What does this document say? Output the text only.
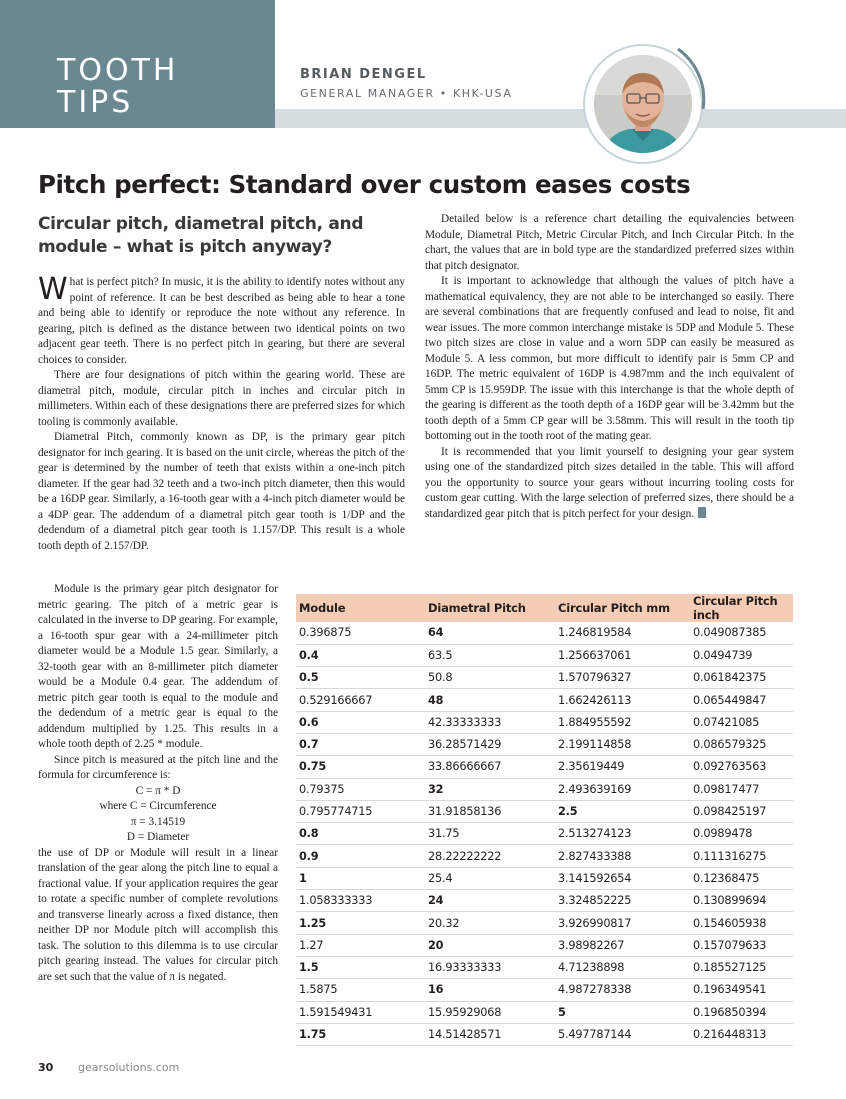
TOOTH
TIPS
BRIAN DENGEL
GENERAL MANAGER • KHK-USA
Pitch perfect: Standard over custom eases costs
Circular pitch, diametral pitch, and module – what is pitch anyway?

What is perfect pitch? In music, it is the ability to identify notes without any point of reference. It can be best described as being able to hear a tone and being able to identify or reproduce the note without any reference. In gearing, pitch is defined as the distance between two identical points on two adjacent gear teeth. There is no perfect pitch in gearing, but there are several choices to consider.

There are four designations of pitch within the gearing world. These are diametral pitch, module, circular pitch in inches and circular pitch in millimeters. Within each of these designations there are preferred sizes for which tooling is commonly available.

Diametral Pitch, commonly known as DP, is the primary gear pitch designator for inch gearing. It is based on the unit circle, whereas the pitch of the gear is determined by the number of teeth that exists within a one-inch pitch diameter. If the gear had 32 teeth and a two-inch pitch diameter, then this would be a 16DP gear. Similarly, a 16-tooth gear with a 4-inch pitch diameter would be a 4DP gear. The addendum of a diametral pitch gear tooth is 1/DP and the dedendum of a diametral pitch gear tooth is 1.157/DP. This result is a whole tooth depth of 2.157/DP.

Module is the primary gear pitch designator for metric gearing. The pitch of a metric gear is calculated in the inverse to DP gearing. For example, a 16-tooth spur gear with a 24-millimeter pitch diameter would be a Module 1.5 gear. Similarly, a 32-tooth gear with an 8-millimeter pitch diameter would be a Module 0.4 gear. The addendum of metric pitch gear tooth is equal to the module and the dedendum of a metric gear is equal to the addendum multiplied by 1.25. This results in a whole tooth depth of 2.25 * module.

Since pitch is measured at the pitch line and the formula for circumference is:

C = π * D

where C = Circumference

π = 3.14519

D = Diameter

the use of DP or Module will result in a linear translation of the gear along the pitch line to equal a fractional value. If your application requires the gear to rotate a specific number of complete revolutions and transverse linearly across a fixed distance, then neither DP nor Module pitch will accomplish this task. The solution to this dilemma is to use circular pitch gearing instead. The values for circular pitch are set such that the value of π is negated.

Detailed below is a reference chart detailing the equivalencies between Module, Diametral Pitch, Metric Circular Pitch, and Inch Circular Pitch. In the chart, the values that are in bold type are the standardized preferred sizes within that pitch designator.

It is important to acknowledge that although the values of pitch have a mathematical equivalency, they are not able to be interchanged so easily. There are several combinations that are frequently confused and lead to noise, fit and wear issues. The more common interchange mistake is 5DP and Module 5. These two pitch sizes are close in value and a worn 5DP can easily be measured as Module 5. A less common, but more difficult to identify pair is 5mm CP and 16DP. The metric equivalent of 16DP is 4.987mm and the inch equivalent of 5mm CP is 15.959DP. The issue with this interchange is that the whole depth of the gearing is different as the tooth depth of a 16DP gear will be 3.42mm but the tooth depth of a 5mm CP gear will be 3.58mm. This will result in the tooth tip bottoming out in the tooth root of the mating gear.

It is recommended that you limit yourself to designing your gear system using one of the standardized pitch sizes detailed in the table. This will afford you the opportunity to source your gears without incurring tooling costs for custom gear cutting. With the large selection of preferred sizes, there should be a standardized gear pitch that is pitch perfect for your design.

Module	Diametral Pitch	Circular Pitch mm	Circular Pitch inch
0.396875	64	1.246819584	0.049087385
0.4	63.5	1.256637061	0.0494739
0.5	50.8	1.570796327	0.061842375
0.529166667	48	1.662426113	0.065449847
0.6	42.33333333	1.884955592	0.07421085
0.7	36.28571429	2.199114858	0.086579325
0.75	33.86666667	2.35619449	0.092763563
0.79375	32	2.493639169	0.09817477
0.795774715	31.91858136	2.5	0.098425197
0.8	31.75	2.513274123	0.0989478
0.9	28.22222222	2.827433388	0.111316275
1	25.4	3.141592654	0.12368475
1.058333333	24	3.324852225	0.130899694
1.25	20.32	3.926990817	0.154605938
1.27	20	3.98982267	0.157079633
1.5	16.93333333	4.71238898	0.185527125
1.5875	16	4.987278338	0.196349541
1.591549431	15.95929068	5	0.196850394
1.75	14.51428571	5.497787144	0.216448313
30 gearsolutions.com
